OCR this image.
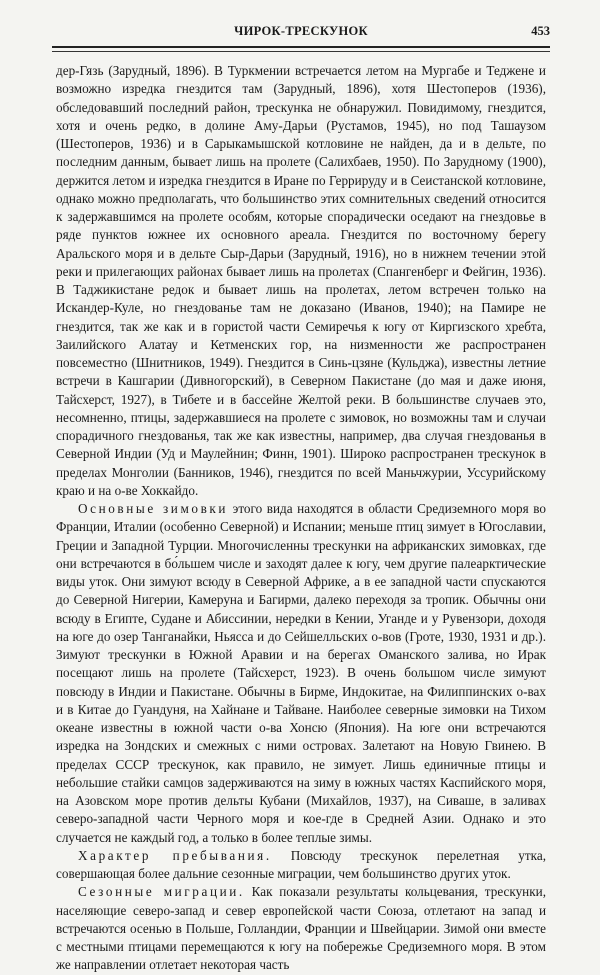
ЧИРОК-ТРЕСКУНОК	453

дер-Гязь (Зарудный, 1896). В Туркмении встречается летом на Мургабе и Теджене и возможно изредка гнездится там (Зарудный, 1896), хотя Шестоперов (1936), обследовавший последний район, трескунка не обнаружил. Повидимому, гнездится, хотя и очень редко, в долине Аму-Дарьи (Рустамов, 1945), но под Ташаузом (Шестоперов, 1936) и в Сарыкамышской котловине не найден, да и в дельте, по последним данным, бывает лишь на пролете (Салихбаев, 1950). По Зарудному (1900), держится летом и изредка гнездится в Иране по Геррируду и в Сеистанской котловине, однако можно предполагать, что большинство этих сомнительных сведений относится к задержавшимся на пролете особям, которые спорадически оседают на гнездовье в ряде пунктов южнее их основного ареала. Гнездится по восточному берегу Аральского моря и в дельте Сыр-Дарьи (Зарудный, 1916), но в нижнем течении этой реки и прилегающих районах бывает лишь на пролетах (Спангенберг и Фейгин, 1936). В Таджикистане редок и бывает лишь на пролетах, летом встречен только на Искандер-Куле, но гнездованье там не доказано (Иванов, 1940); на Памире не гнездится, так же как и в гористой части Семиречья к югу от Киргизского хребта, Заилийского Алатау и Кетменских гор, на низменности же распространен повсеместно (Шнитников, 1949). Гнездится в Синь-цзяне (Кульджа), известны летние встречи в Кашгарии (Дивногорский), в Северном Пакистане (до мая и даже июня, Тайсхерст, 1927), в Тибете и в бассейне Желтой реки. В большинстве случаев это, несомненно, птицы, задержавшиеся на пролете с зимовок, но возможны там и случаи спорадичного гнездованья, так же как известны, например, два случая гнездованья в Северной Индии (Уд и Маулейнин; Финн, 1901). Широко распространен трескунок в пределах Монголии (Банников, 1946), гнездится по всей Маньчжурии, Уссурийскому краю и на о-ве Хоккайдо.

Основные зимовки этого вида находятся в области Средиземного моря во Франции, Италии (особенно Северной) и Испании; меньше птиц зимует в Югославии, Греции и Западной Турции. Многочисленны трескунки на африканских зимовках, где они встречаются в бо́льшем числе и заходят далее к югу, чем другие палеарктические виды уток. Они зимуют всюду в Северной Африке, а в ее западной части спускаются до Северной Нигерии, Камеруна и Багирми, далеко переходя за тропик. Обычны они всюду в Египте, Судане и Абиссинии, нередки в Кении, Уганде и у Рувензори, доходя на юге до озер Танганайки, Ньясса и до Сейшелльских о-вов (Гроте, 1930, 1931 и др.). Зимуют трескунки в Южной Аравии и на берегах Оманского залива, но Ирак посещают лишь на пролете (Тайсхерст, 1923). В очень большом числе зимуют повсюду в Индии и Пакистане. Обычны в Бирме, Индокитае, на Филиппинских о-вах и в Китае до Гуандуня, на Хайнане и Тайване. Наиболее северные зимовки на Тихом океане известны в южной части о-ва Хонсю (Япония). На юге они встречаются изредка на Зондских и смежных с ними островах. Залетают на Новую Гвинею. В пределах СССР трескунок, как правило, не зимует. Лишь единичные птицы и небольшие стайки самцов задерживаются на зиму в южных частях Каспийского моря, на Азовском море против дельты Кубани (Михайлов, 1937), на Сиваше, в заливах северо-западной части Черного моря и кое-где в Средней Азии. Однако и это случается не каждый год, а только в более теплые зимы.

Характер пребывания. Повсюду трескунок перелетная утка, совершающая более дальние сезонные миграции, чем большинство других уток.

Сезонные миграции. Как показали результаты кольцевания, трескунки, населяющие северо-запад и север европейской части Союза, отлетают на запад и встречаются осенью в Польше, Голландии, Франции и Швейцарии. Зимой они вместе с местными птицами перемещаются к югу на побережье Средиземного моря. В этом же направлении отлетает некоторая часть
